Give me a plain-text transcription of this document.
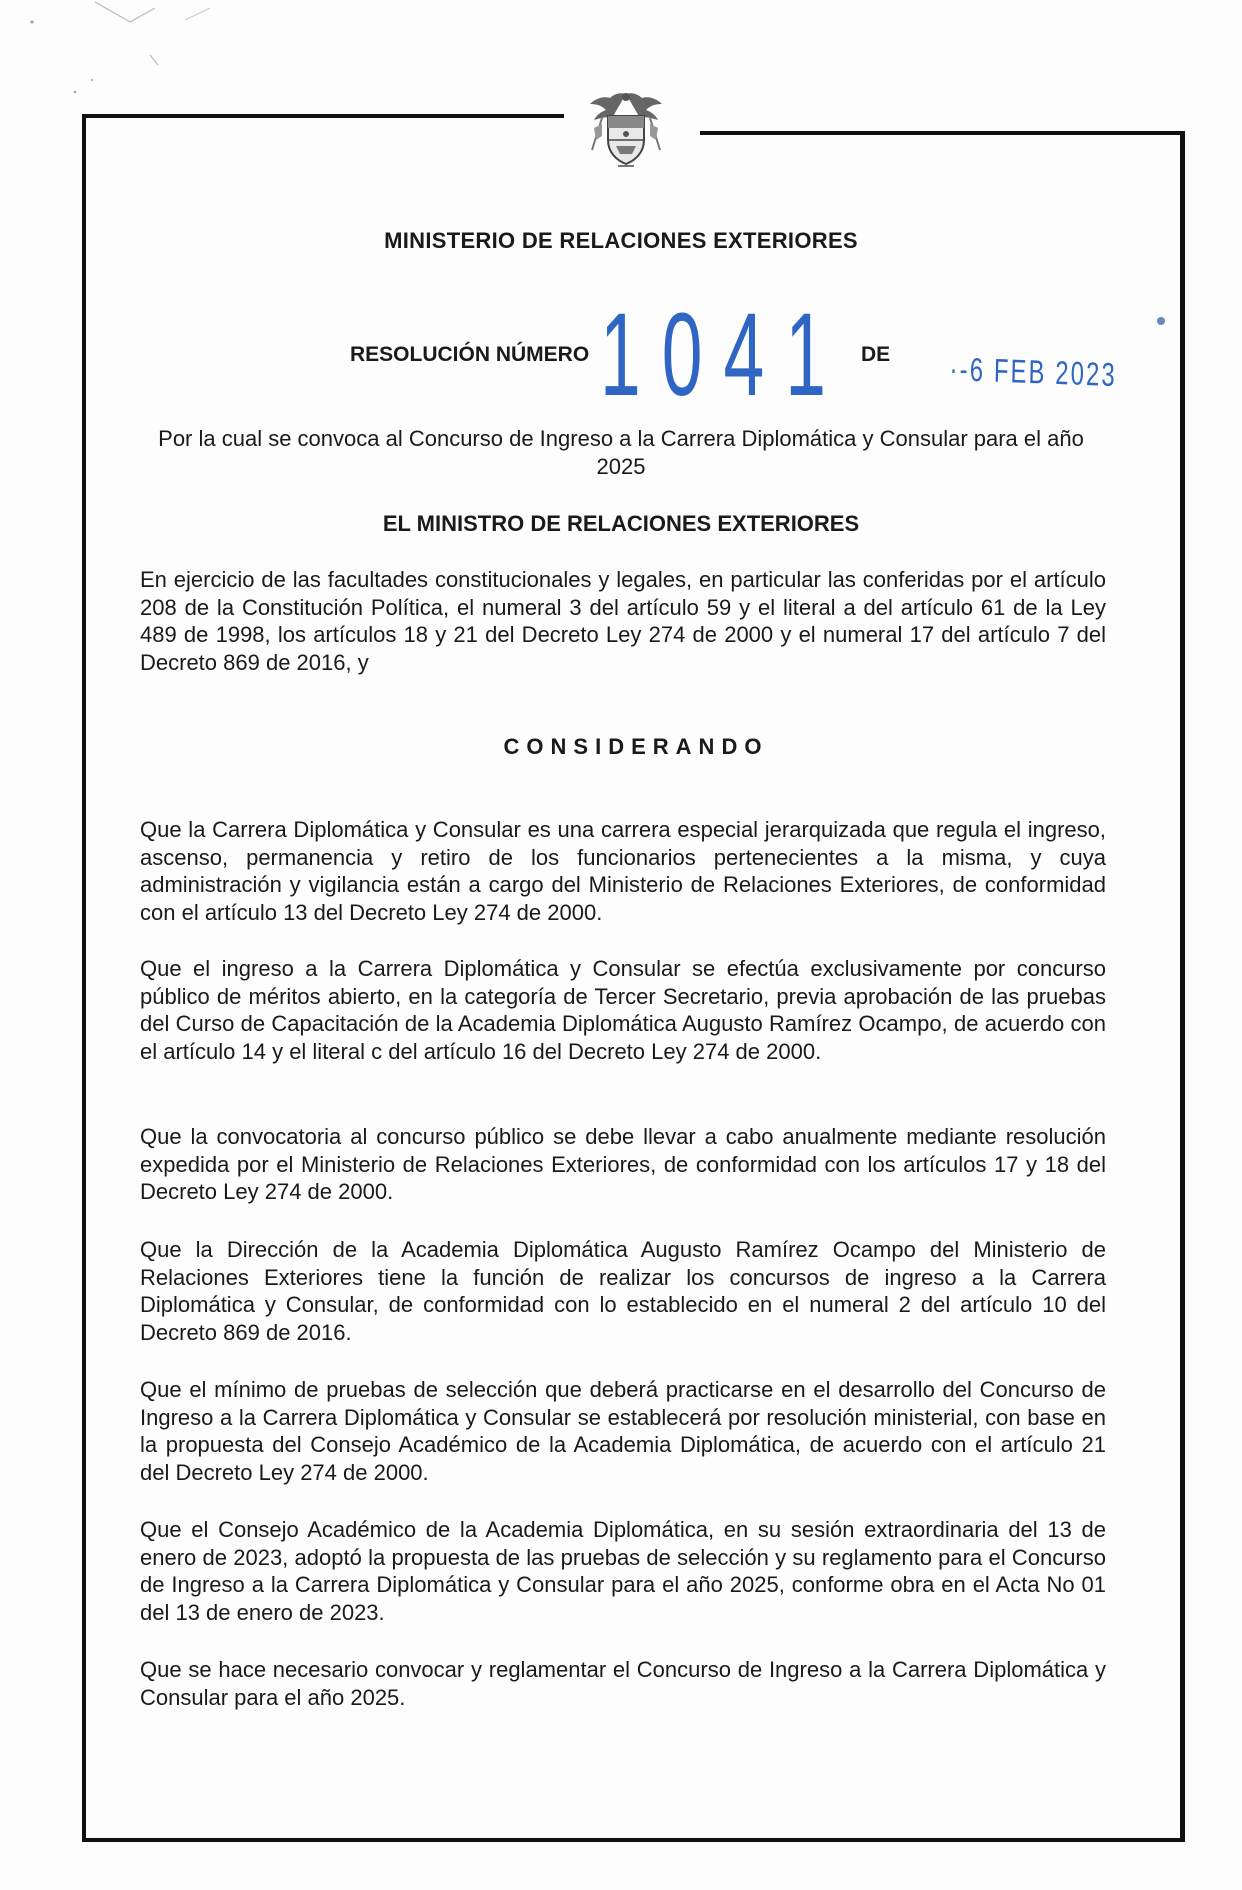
MINISTERIO DE RELACIONES EXTERIORES
RESOLUCIÓN NÚMERO 1041 DE ·-6 FEB 2023
Por la cual se convoca al Concurso de Ingreso a la Carrera Diplomática y Consular para el año 2025
EL MINISTRO DE RELACIONES EXTERIORES

En ejercicio de las facultades constitucionales y legales, en particular las conferidas por el artículo 208 de la Constitución Política, el numeral 3 del artículo 59 y el literal a del artículo 61 de la Ley 489 de 1998, los artículos 18 y 21 del Decreto Ley 274 de 2000 y el numeral 17 del artículo 7 del Decreto 869 de 2016, y

CONSIDERANDO

Que la Carrera Diplomática y Consular es una carrera especial jerarquizada que regula el ingreso, ascenso, permanencia y retiro de los funcionarios pertenecientes a la misma, y cuya administración y vigilancia están a cargo del Ministerio de Relaciones Exteriores, de conformidad con el artículo 13 del Decreto Ley 274 de 2000.

Que el ingreso a la Carrera Diplomática y Consular se efectúa exclusivamente por concurso público de méritos abierto, en la categoría de Tercer Secretario, previa aprobación de las pruebas del Curso de Capacitación de la Academia Diplomática Augusto Ramírez Ocampo, de acuerdo con el artículo 14 y el literal c del artículo 16 del Decreto Ley 274 de 2000.

Que la convocatoria al concurso público se debe llevar a cabo anualmente mediante resolución expedida por el Ministerio de Relaciones Exteriores, de conformidad con los artículos 17 y 18 del Decreto Ley 274 de 2000.

Que la Dirección de la Academia Diplomática Augusto Ramírez Ocampo del Ministerio de Relaciones Exteriores tiene la función de realizar los concursos de ingreso a la Carrera Diplomática y Consular, de conformidad con lo establecido en el numeral 2 del artículo 10 del Decreto 869 de 2016.

Que el mínimo de pruebas de selección que deberá practicarse en el desarrollo del Concurso de Ingreso a la Carrera Diplomática y Consular se establecerá por resolución ministerial, con base en la propuesta del Consejo Académico de la Academia Diplomática, de acuerdo con el artículo 21 del Decreto Ley 274 de 2000.

Que el Consejo Académico de la Academia Diplomática, en su sesión extraordinaria del 13 de enero de 2023, adoptó la propuesta de las pruebas de selección y su reglamento para el Concurso de Ingreso a la Carrera Diplomática y Consular para el año 2025, conforme obra en el Acta No 01 del 13 de enero de 2023.

Que se hace necesario convocar y reglamentar el Concurso de Ingreso a la Carrera Diplomática y Consular para el año 2025.
